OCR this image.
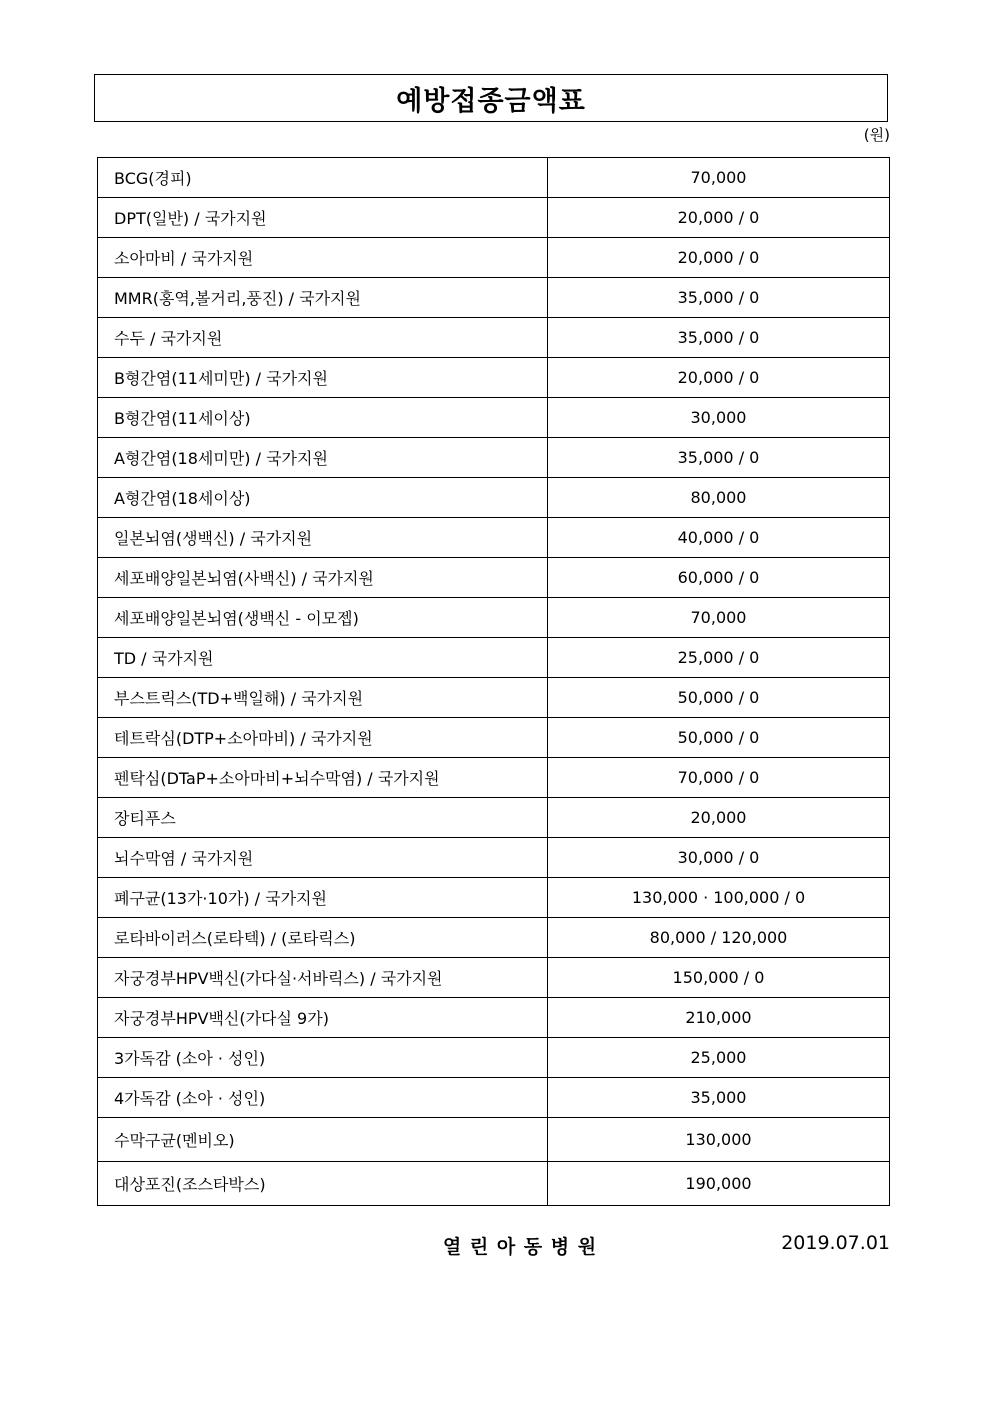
예방접종금액표
(원)
BCG(경피)	70,000
DPT(일반) / 국가지원	20,000 / 0
소아마비 / 국가지원	20,000 / 0
MMR(홍역,볼거리,풍진) / 국가지원	35,000 / 0
수두 / 국가지원	35,000 / 0
B형간염(11세미만) / 국가지원	20,000 / 0
B형간염(11세이상)	30,000
A형간염(18세미만) / 국가지원	35,000 / 0
A형간염(18세이상)	80,000
일본뇌염(생백신) / 국가지원	40,000 / 0
세포배양일본뇌염(사백신) / 국가지원	60,000 / 0
세포배양일본뇌염(생백신 - 이모젭)	70,000
TD / 국가지원	25,000 / 0
부스트릭스(TD+백일해) / 국가지원	50,000 / 0
테트락심(DTP+소아마비) / 국가지원	50,000 / 0
펜탁심(DTaP+소아마비+뇌수막염) / 국가지원	70,000 / 0
장티푸스	20,000
뇌수막염 / 국가지원	30,000 / 0
폐구균(13가·10가) / 국가지원	130,000 · 100,000 / 0
로타바이러스(로타텍) / (로타릭스)	80,000 / 120,000
자궁경부HPV백신(가다실·서바릭스) / 국가지원	150,000 / 0
자궁경부HPV백신(가다실 9가)	210,000
3가독감 (소아 · 성인)	25,000
4가독감 (소아 · 성인)	35,000
수막구균(멘비오)	130,000
대상포진(조스타박스)	190,000
열 린 아 동 병 원	2019.07.01
